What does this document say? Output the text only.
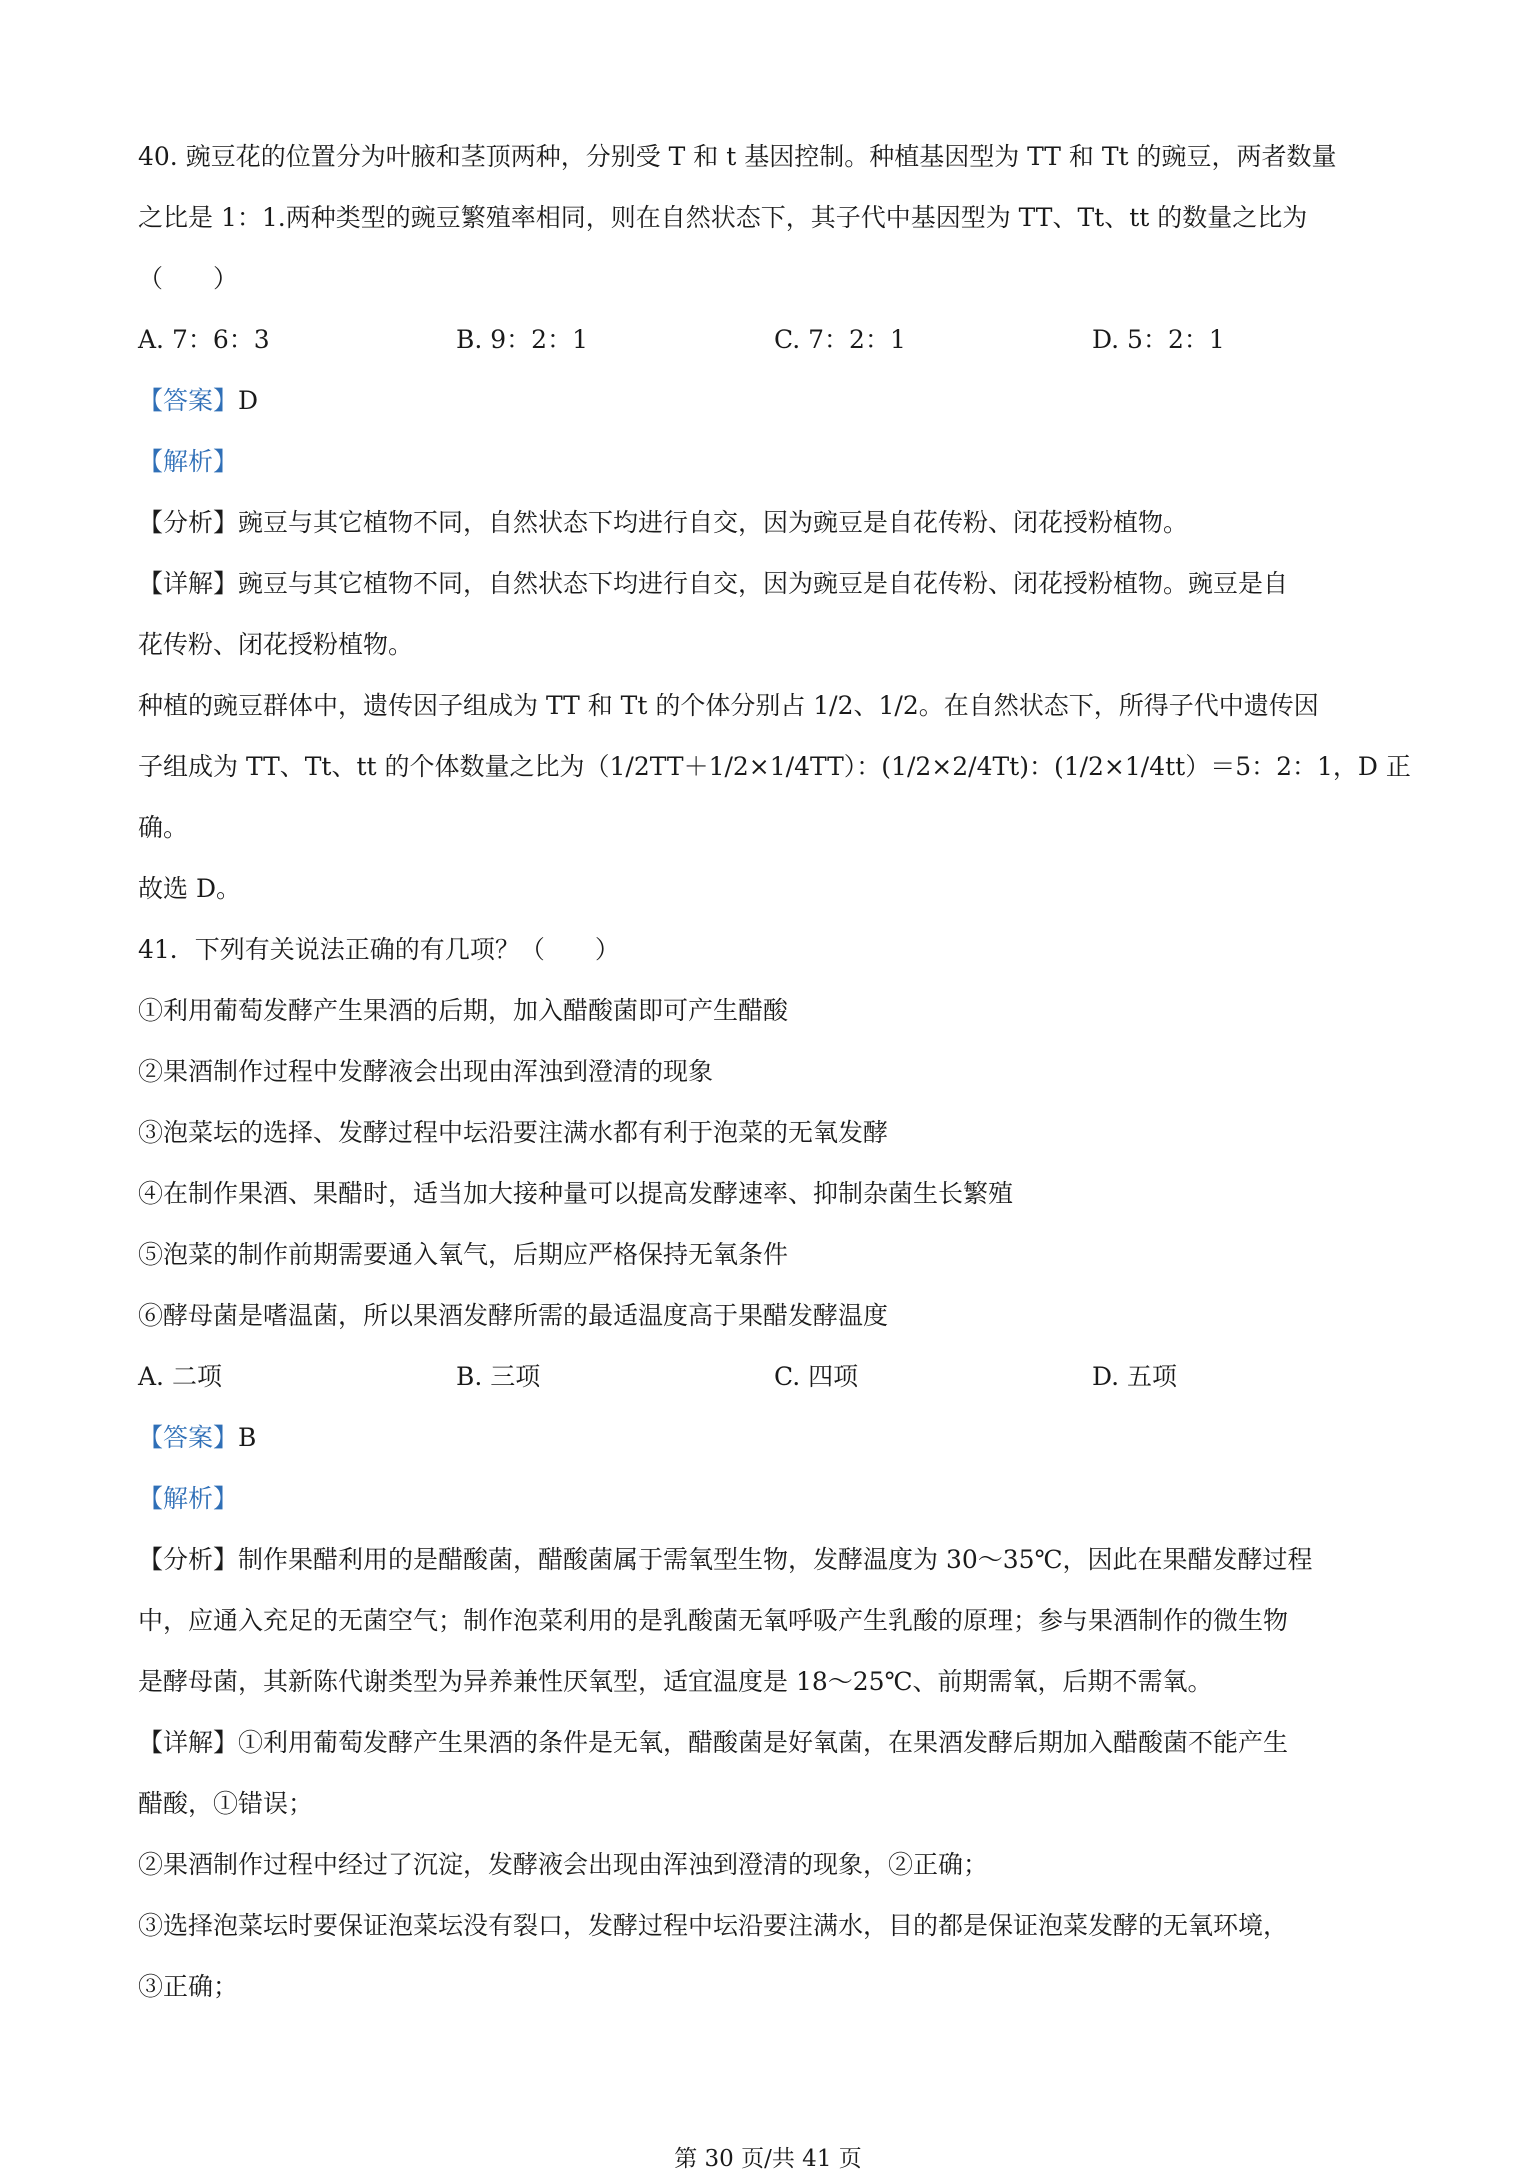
40. 豌豆花的位置分为叶腋和茎顶两种，分别受 T 和 t 基因控制。种植基因型为 TT 和 Tt 的豌豆，两者数量
之比是 1：1.两种类型的豌豆繁殖率相同，则在自然状态下，其子代中基因型为 TT、Tt、tt 的数量之比为
（　　）
A. 7：6：3	B. 9：2：1	C. 7：2：1	D. 5：2：1
【答案】D
【解析】
【分析】豌豆与其它植物不同，自然状态下均进行自交，因为豌豆是自花传粉、闭花授粉植物。
【详解】豌豆与其它植物不同，自然状态下均进行自交，因为豌豆是自花传粉、闭花授粉植物。豌豆是自
花传粉、闭花授粉植物。
种植的豌豆群体中，遗传因子组成为 TT 和 Tt 的个体分别占 1/2、1/2。在自然状态下，所得子代中遗传因
子组成为 TT、Tt、tt 的个体数量之比为（1/2TT＋1/2×1/4TT）：(1/2×2/4Tt)：(1/2×1/4tt）＝5：2：1，D 正
确。
故选 D。
41．下列有关说法正确的有几项？（　　）
①利用葡萄发酵产生果酒的后期，加入醋酸菌即可产生醋酸
②果酒制作过程中发酵液会出现由浑浊到澄清的现象
③泡菜坛的选择、发酵过程中坛沿要注满水都有利于泡菜的无氧发酵
④在制作果酒、果醋时，适当加大接种量可以提高发酵速率、抑制杂菌生长繁殖
⑤泡菜的制作前期需要通入氧气，后期应严格保持无氧条件
⑥酵母菌是嗜温菌，所以果酒发酵所需的最适温度高于果醋发酵温度
A. 二项	B. 三项	C. 四项	D. 五项
【答案】B
【解析】
【分析】制作果醋利用的是醋酸菌，醋酸菌属于需氧型生物，发酵温度为 30～35℃，因此在果醋发酵过程
中，应通入充足的无菌空气；制作泡菜利用的是乳酸菌无氧呼吸产生乳酸的原理；参与果酒制作的微生物
是酵母菌，其新陈代谢类型为异养兼性厌氧型，适宜温度是 18～25℃、前期需氧，后期不需氧。
【详解】①利用葡萄发酵产生果酒的条件是无氧，醋酸菌是好氧菌，在果酒发酵后期加入醋酸菌不能产生
醋酸，①错误；
②果酒制作过程中经过了沉淀，发酵液会出现由浑浊到澄清的现象，②正确；
③选择泡菜坛时要保证泡菜坛没有裂口，发酵过程中坛沿要注满水，目的都是保证泡菜发酵的无氧环境，
③正确；
第 30 页/共 41 页
